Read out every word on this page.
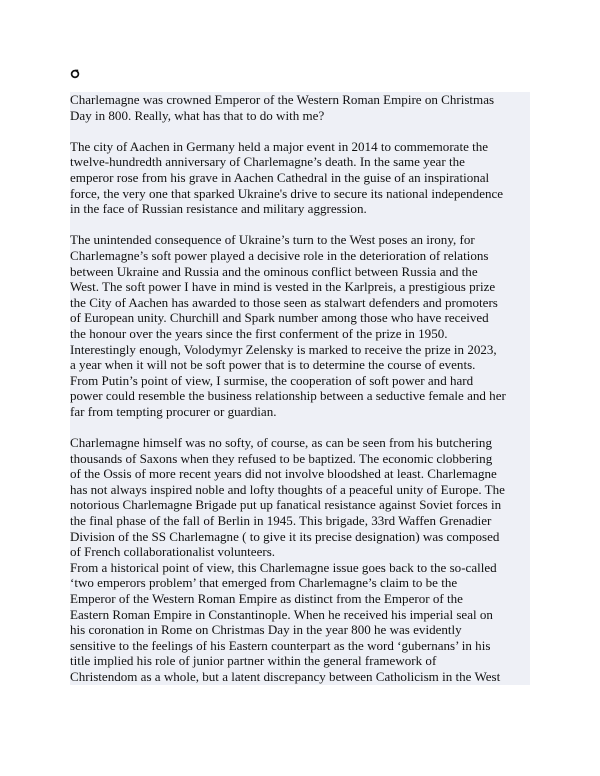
Charlemagne was crowned Emperor of the Western Roman Empire on Christmas
Day in 800. Really, what has that to do with me?
The city of Aachen in Germany held a major event in 2014 to commemorate the
twelve-hundredth anniversary of Charlemagne’s death. In the same year the
emperor rose from his grave in Aachen Cathedral in the guise of an inspirational
force, the very one that sparked Ukraine's drive to secure its national independence
in the face of Russian resistance and military aggression.
The unintended consequence of Ukraine’s turn to the West poses an irony, for
Charlemagne’s soft power played a decisive role in the deterioration of relations
between Ukraine and Russia and the ominous conflict between Russia and the
West. The soft power I have in mind is vested in the Karlpreis, a prestigious prize
the City of Aachen has awarded to those seen as stalwart defenders and promoters
of European unity. Churchill and Spark number among those who have received
the honour over the years since the first conferment of the prize in 1950.
Interestingly enough, Volodymyr Zelensky is marked to receive the prize in 2023,
a year when it will not be soft power that is to determine the course of events.
From Putin’s point of view, I surmise, the cooperation of soft power and hard
power could resemble the business relationship between a seductive female and her
far from tempting procurer or guardian.
Charlemagne himself was no softy, of course, as can be seen from his butchering
thousands of Saxons when they refused to be baptized. The economic clobbering
of the Ossis of more recent years did not involve bloodshed at least. Charlemagne
has not always inspired noble and lofty thoughts of a peaceful unity of Europe. The
notorious Charlemagne Brigade put up fanatical resistance against Soviet forces in
the final phase of the fall of Berlin in 1945. This brigade, 33rd Waffen Grenadier
Division of the SS Charlemagne ( to give it its precise designation) was composed
of French collaborationalist volunteers.
From a historical point of view, this Charlemagne issue goes back to the so-called
‘two emperors problem’ that emerged from Charlemagne’s claim to be the
Emperor of the Western Roman Empire as distinct from the Emperor of the
Eastern Roman Empire in Constantinople. When he received his imperial seal on
his coronation in Rome on Christmas Day in the year 800 he was evidently
sensitive to the feelings of his Eastern counterpart as the word ‘gubernans’ in his
title implied his role of junior partner within the general framework of
Christendom as a whole, but a latent discrepancy between Catholicism in the West
